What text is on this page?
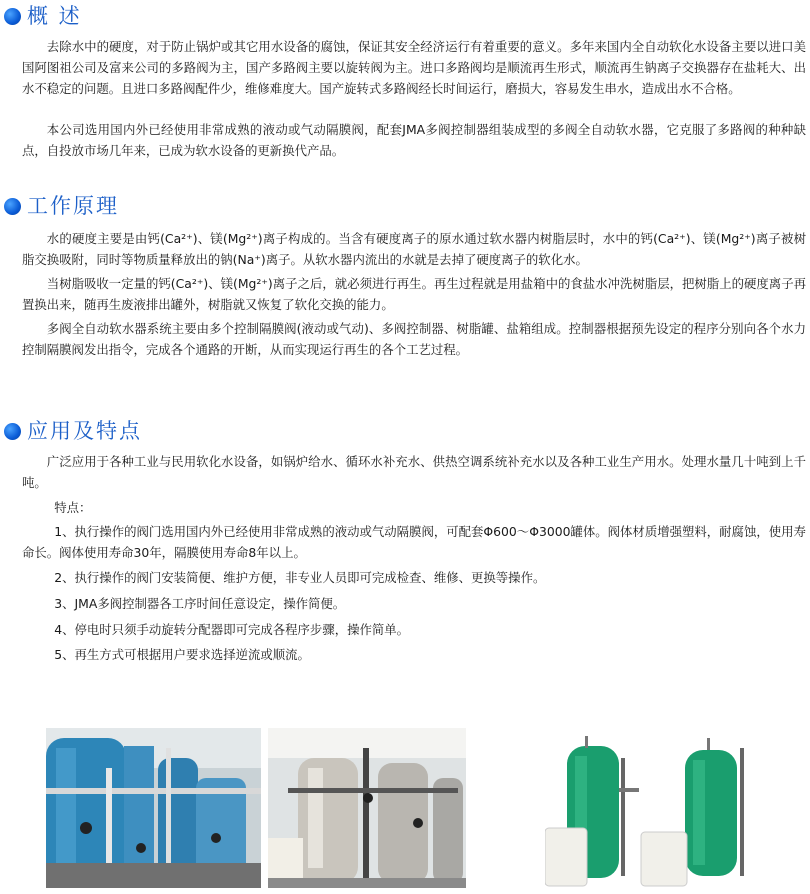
概 述

去除水中的硬度，对于防止锅炉或其它用水设备的腐蚀，保证其安全经济运行有着重要的意义。多年来国内全自动软化水设备主要以进口美国阿图祖公司及富来公司的多路阀为主，国产多路阀主要以旋转阀为主。进口多路阀均是顺流再生形式，顺流再生钠离子交换器存在盐耗大、出水不稳定的问题。且进口多路阀配件少，维修难度大。国产旋转式多路阀经长时间运行，磨损大，容易发生串水，造成出水不合格。

本公司选用国内外已经使用非常成熟的液动或气动隔膜阀，配套JMA多阀控制器组装成型的多阀全自动软水器，它克服了多路阀的种种缺点，自投放市场几年来，已成为软水设备的更新换代产品。

工作原理

水的硬度主要是由钙(Ca²⁺)、镁(Mg²⁺)离子构成的。当含有硬度离子的原水通过软水器内树脂层时，水中的钙(Ca²⁺)、镁(Mg²⁺)离子被树脂交换吸附，同时等物质量释放出的钠(Na⁺)离子。从软水器内流出的水就是去掉了硬度离子的软化水。

当树脂吸收一定量的钙(Ca²⁺)、镁(Mg²⁺)离子之后，就必须进行再生。再生过程就是用盐箱中的食盐水冲洗树脂层，把树脂上的硬度离子再置换出来，随再生废液排出罐外，树脂就又恢复了软化交换的能力。

多阀全自动软水器系统主要由多个控制隔膜阀(液动或气动)、多阀控制器、树脂罐、盐箱组成。控制器根据预先设定的程序分别向各个水力控制隔膜阀发出指令，完成各个通路的开断，从而实现运行再生的各个工艺过程。

应用及特点

广泛应用于各种工业与民用软化水设备，如锅炉给水、循环水补充水、供热空调系统补充水以及各种工业生产用水。处理水量几十吨到上千吨。

特点：

1、执行操作的阀门选用国内外已经使用非常成熟的液动或气动隔膜阀，可配套Φ600～Φ3000罐体。阀体材质增强塑料，耐腐蚀，使用寿命长。阀体使用寿命30年，隔膜使用寿命8年以上。

2、执行操作的阀门安装简便、维护方便，非专业人员即可完成检查、维修、更换等操作。

3、JMA多阀控制器各工序时间任意设定，操作简便。

4、停电时只须手动旋转分配器即可完成各程序步骤，操作简单。

5、再生方式可根据用户要求选择逆流或顺流。
